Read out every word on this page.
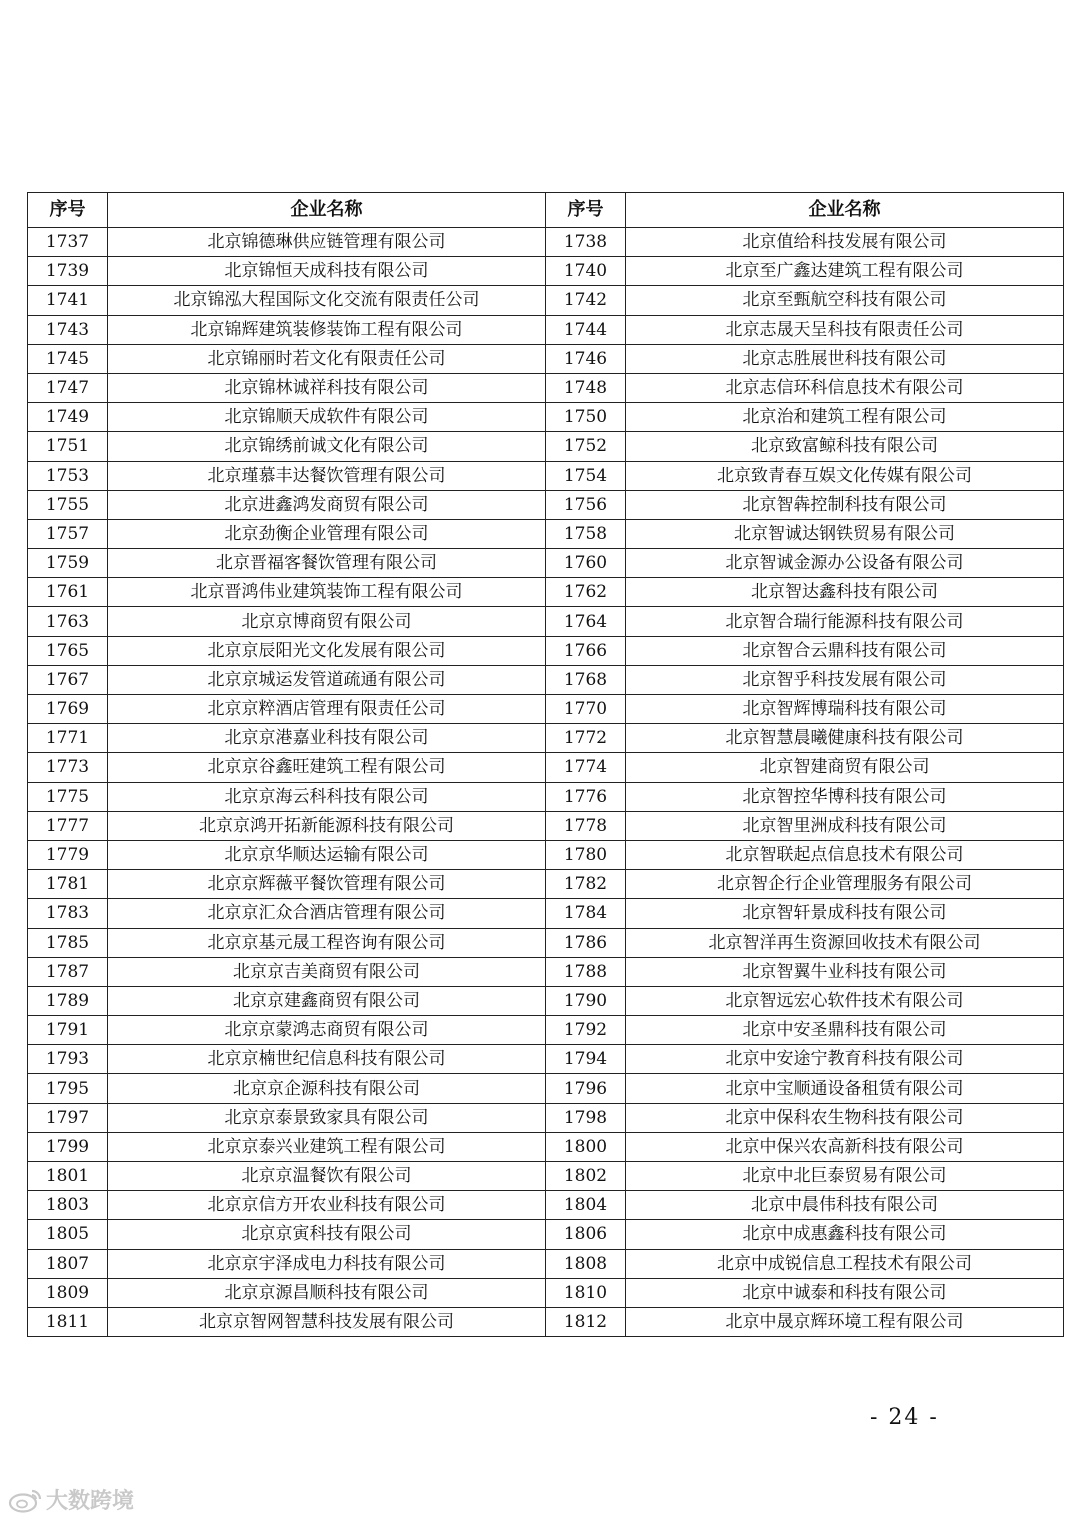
序号	企业名称	序号	企业名称
1737	北京锦德琳供应链管理有限公司	1738	北京值给科技发展有限公司
1739	北京锦恒天成科技有限公司	1740	北京至广鑫达建筑工程有限公司
1741	北京锦泓大程国际文化交流有限责任公司	1742	北京至甄航空科技有限公司
1743	北京锦辉建筑装修装饰工程有限公司	1744	北京志晟天呈科技有限责任公司
1745	北京锦丽时若文化有限责任公司	1746	北京志胜展世科技有限公司
1747	北京锦林诚祥科技有限公司	1748	北京志信环科信息技术有限公司
1749	北京锦顺天成软件有限公司	1750	北京治和建筑工程有限公司
1751	北京锦绣前诚文化有限公司	1752	北京致富鲸科技有限公司
1753	北京瑾慕丰达餐饮管理有限公司	1754	北京致青春互娱文化传媒有限公司
1755	北京进鑫鸿发商贸有限公司	1756	北京智犇控制科技有限公司
1757	北京劲衡企业管理有限公司	1758	北京智诚达钢铁贸易有限公司
1759	北京晋福客餐饮管理有限公司	1760	北京智诚金源办公设备有限公司
1761	北京晋鸿伟业建筑装饰工程有限公司	1762	北京智达鑫科技有限公司
1763	北京京博商贸有限公司	1764	北京智合瑞行能源科技有限公司
1765	北京京辰阳光文化发展有限公司	1766	北京智合云鼎科技有限公司
1767	北京京城运发管道疏通有限公司	1768	北京智乎科技发展有限公司
1769	北京京粹酒店管理有限责任公司	1770	北京智辉博瑞科技有限公司
1771	北京京港嘉业科技有限公司	1772	北京智慧晨曦健康科技有限公司
1773	北京京谷鑫旺建筑工程有限公司	1774	北京智建商贸有限公司
1775	北京京海云科科技有限公司	1776	北京智控华博科技有限公司
1777	北京京鸿开拓新能源科技有限公司	1778	北京智里洲成科技有限公司
1779	北京京华顺达运输有限公司	1780	北京智联起点信息技术有限公司
1781	北京京辉薇平餐饮管理有限公司	1782	北京智企行企业管理服务有限公司
1783	北京京汇众合酒店管理有限公司	1784	北京智轩景成科技有限公司
1785	北京京基元晟工程咨询有限公司	1786	北京智洋再生资源回收技术有限公司
1787	北京京吉美商贸有限公司	1788	北京智翼牛业科技有限公司
1789	北京京建鑫商贸有限公司	1790	北京智远宏心软件技术有限公司
1791	北京京蒙鸿志商贸有限公司	1792	北京中安圣鼎科技有限公司
1793	北京京楠世纪信息科技有限公司	1794	北京中安途宁教育科技有限公司
1795	北京京企源科技有限公司	1796	北京中宝顺通设备租赁有限公司
1797	北京京泰景致家具有限公司	1798	北京中保科农生物科技有限公司
1799	北京京泰兴业建筑工程有限公司	1800	北京中保兴农高新科技有限公司
1801	北京京温餐饮有限公司	1802	北京中北巨泰贸易有限公司
1803	北京京信方开农业科技有限公司	1804	北京中晨伟科技有限公司
1805	北京京寅科技有限公司	1806	北京中成惠鑫科技有限公司
1807	北京京宇泽成电力科技有限公司	1808	北京中成锐信息工程技术有限公司
1809	北京京源昌顺科技有限公司	1810	北京中诚泰和科技有限公司
1811	北京京智网智慧科技发展有限公司	1812	北京中晟京辉环境工程有限公司
- 24 -
大数跨境
